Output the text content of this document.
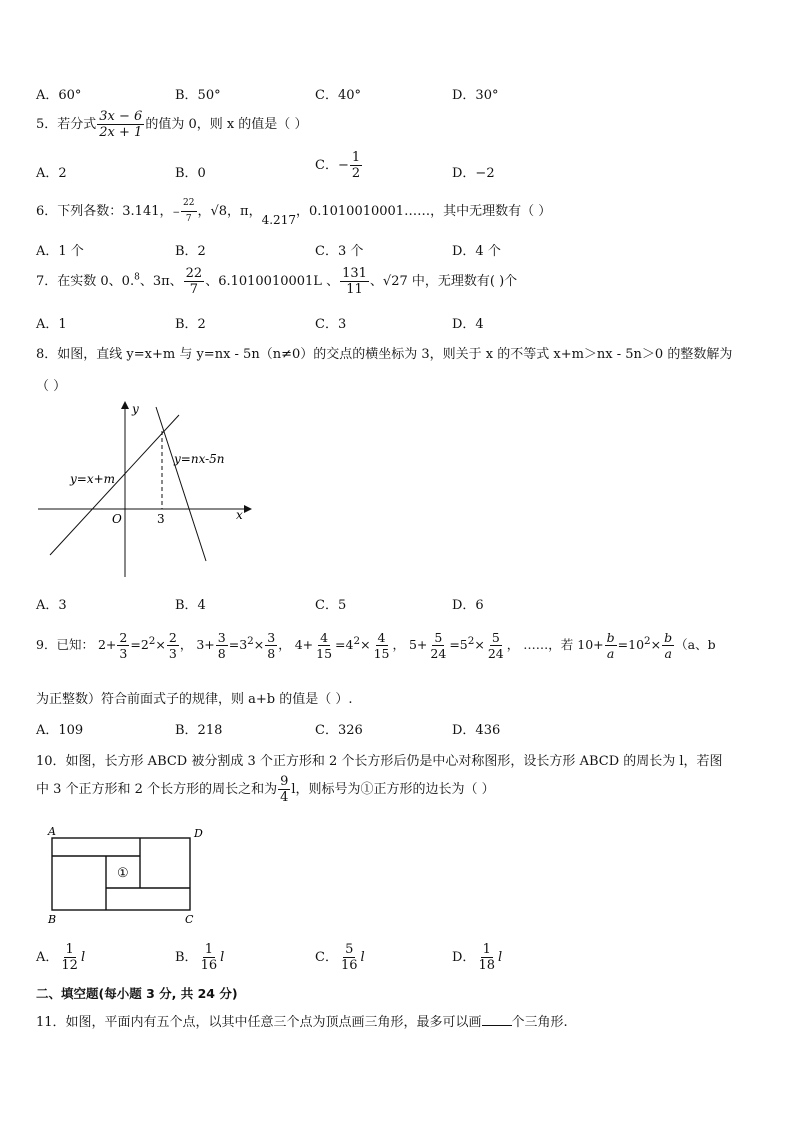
A．60°	B．50°	C．40°	D．30°
5．若分式 $\frac{3x - 6}{2x + 1}$ 的值为 0，则 x 的值是（ ）
A．2	B．0
C．− $\frac{1}{2}$	D．−2
6．下列各数：3.141，− $\frac{22}{7}$ ，√8，π，4.217，0.1010010001……，其中无理数有（ ）
A．1 个	B．2	C．3 个	D．4 个
7．在实数 0、0.$^8$、3π、 $\frac{22}{7}$ 、6.1010010001L 、 $\frac{131}{11}$ 、√27 中，无理数有( )个
A．1	B．2	C．3	D．4
8．如图，直线 y=x+m 与 y=nx - 5n（n≠0）的交点的横坐标为 3，则关于 x 的不等式 x+m＞nx - 5n＞0 的整数解为
（ ）
y
x
O	3
y=x+m
y=nx-5n
A．3	B．4	C．5	D．6
9．已知： $2+ \frac{2}{3} =2^2\times \frac{2}{3}$ ， $3+ \frac{3}{8} =3^2\times \frac{3}{8}$ ， $4+ \frac{4}{15} =4^2\times \frac{4}{15}$ ， $5+ \frac{5}{24} =5^2\times \frac{5}{24}$ ， ……，若 $10+ \frac{b}{a} =10^2\times \frac{b}{a} (a$、b
为正整数）符合前面式子的规律，则 a+b 的值是（ ）.
A．109	B．218	C．326	D．436
10．如图，长方形 ABCD 被分割成 3 个正方形和 2 个长方形后仍是中心对称图形，设长方形 ABCD 的周长为 l，若图
中 3 个正方形和 2 个长方形的周长之和为 $\frac{9}{4}$ l，则标号为①正方形的边长为（ ）
A	D
B	C
①
A． $\frac{1}{12}$ l	B． $\frac{1}{16}$ l	C． $\frac{5}{16}$ l	D． $\frac{1}{18}$ l
二、填空题(每小题 3 分, 共 24 分)
11．如图，平面内有五个点，以其中任意三个点为顶点画三角形，最多可以画 个三角形.
